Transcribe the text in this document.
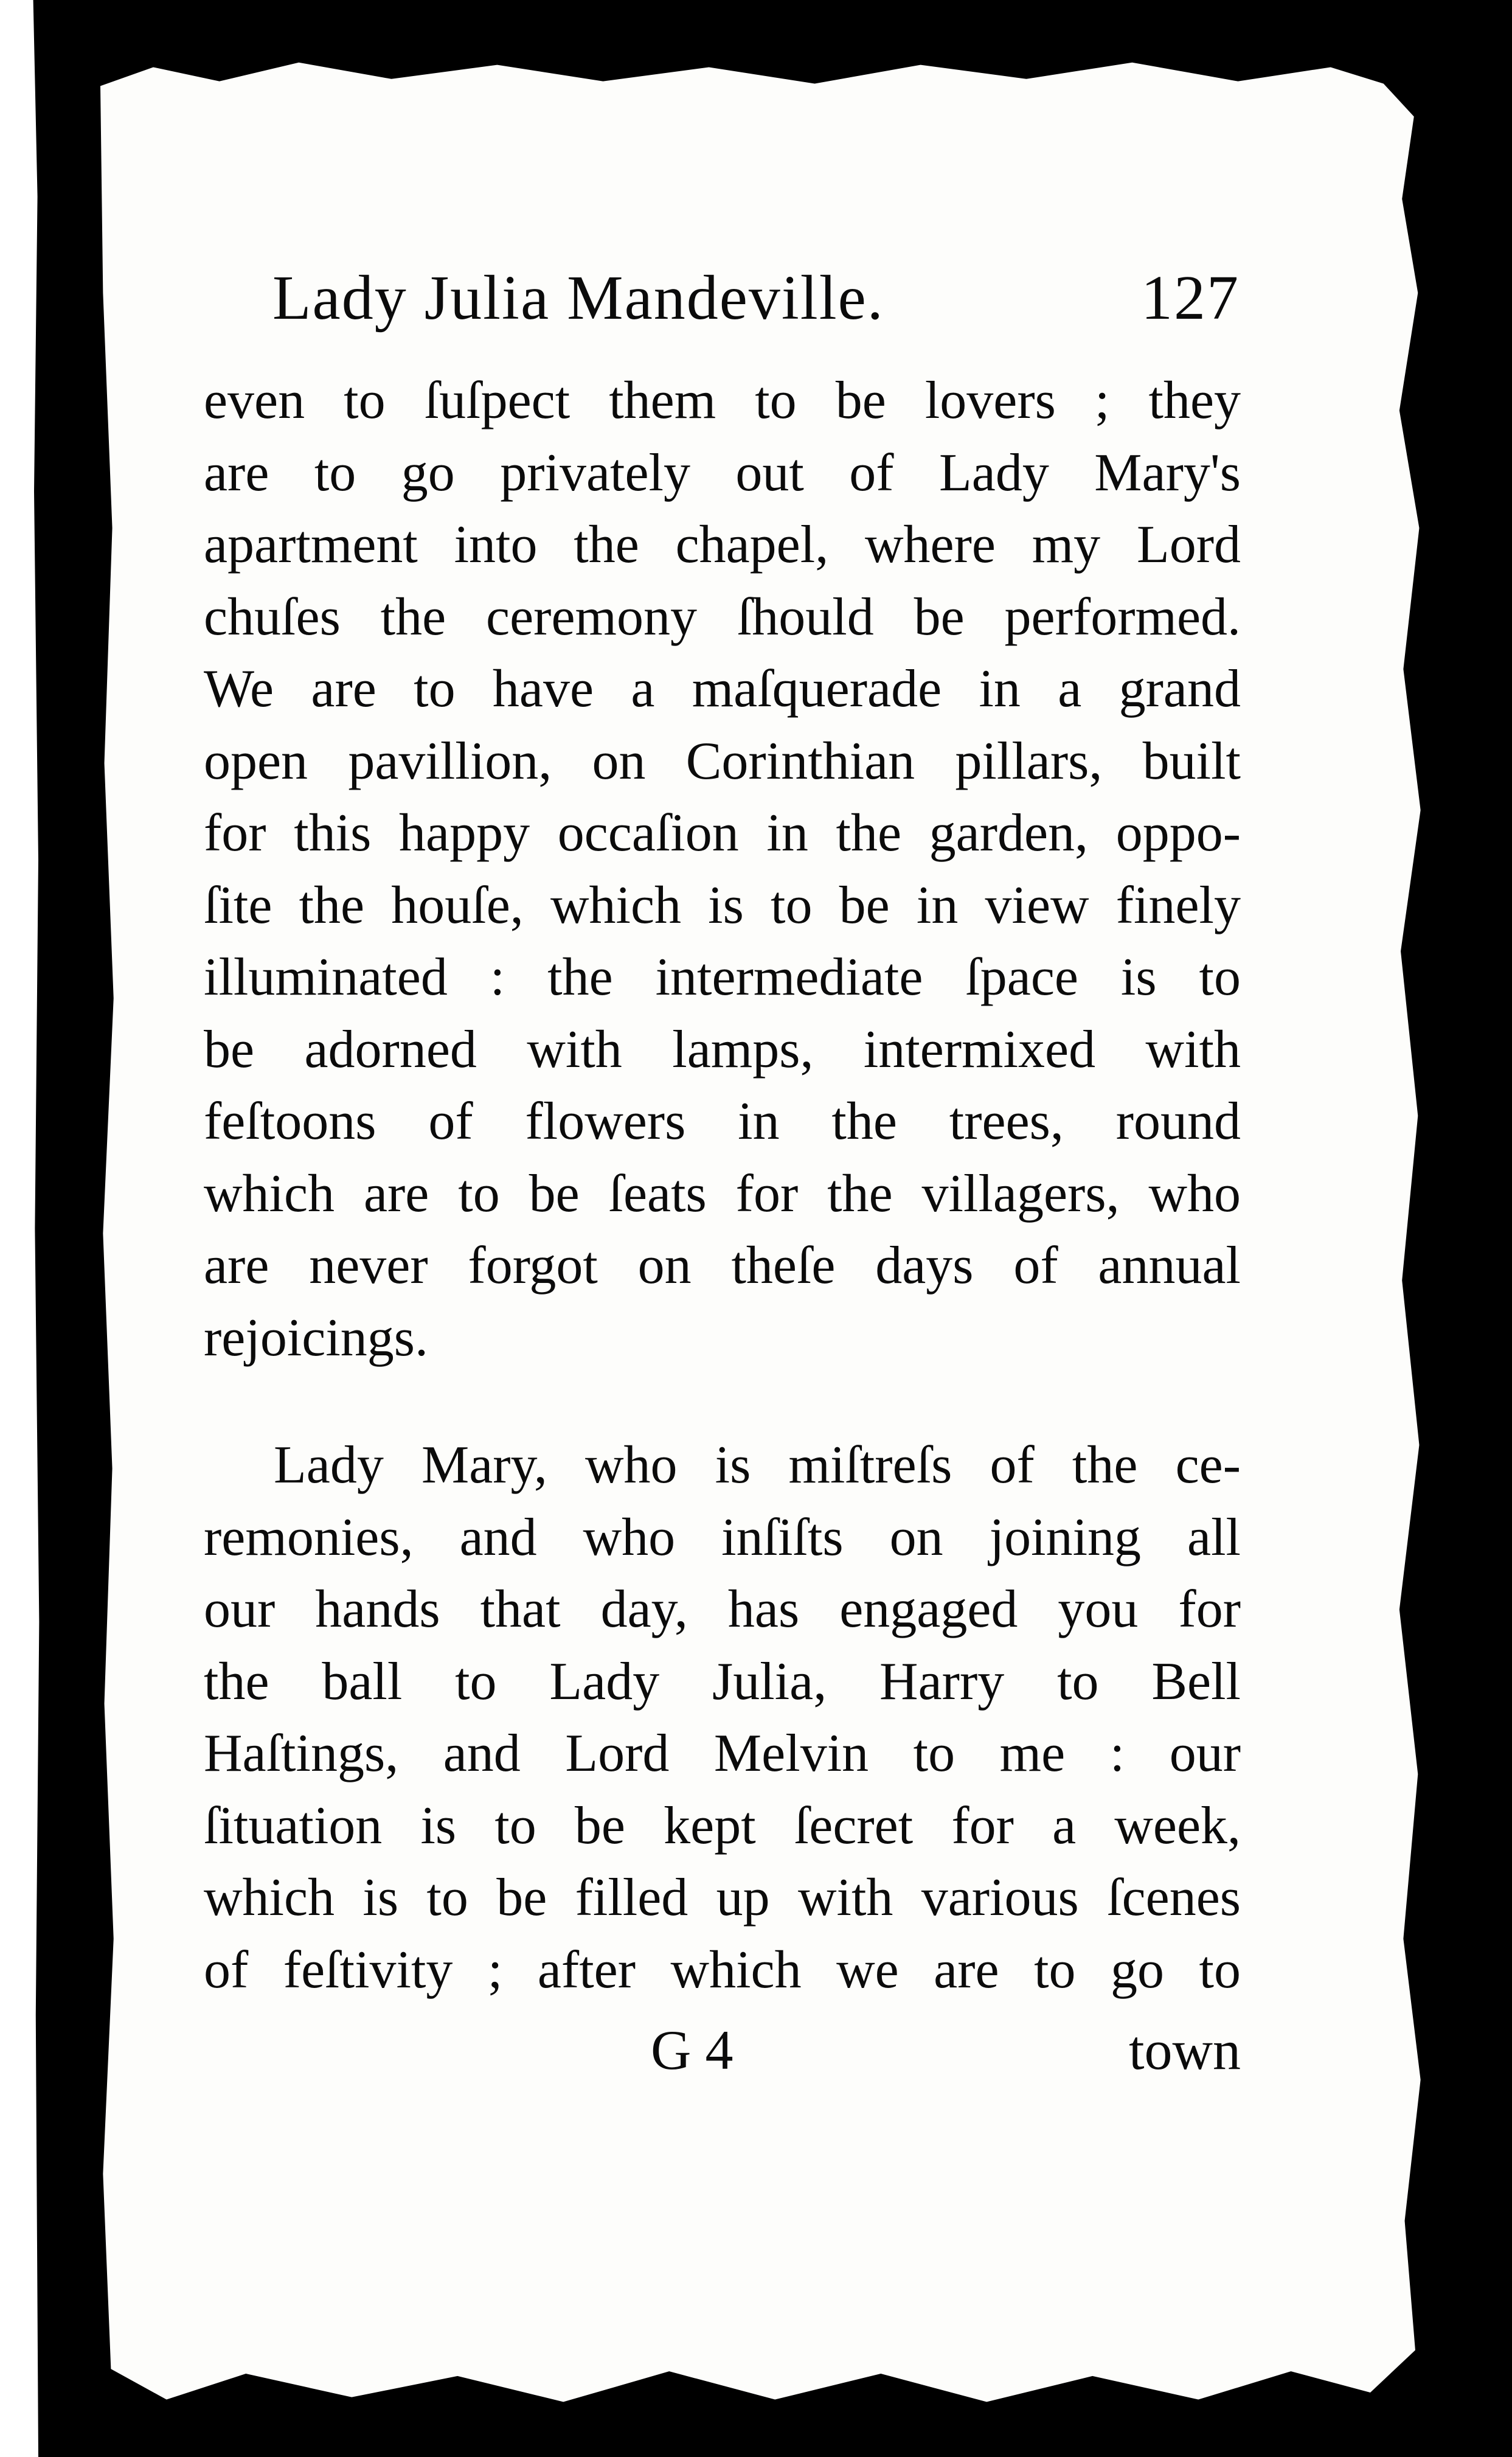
Lady Julia Mandeville.	127
even to ſuſpect them to be lovers ; they
are to go privately out of Lady Mary's
apartment into the chapel, where my Lord
chuſes the ceremony ſhould be performed.
We are to have a maſquerade in a grand
open pavillion, on Corinthian pillars, built
for this happy occaſion in the garden, oppo-
ſite the houſe, which is to be in view finely
illuminated : the intermediate ſpace is to
be adorned with lamps, intermixed with
feſtoons of flowers in the trees, round
which are to be ſeats for the villagers, who
are never forgot on theſe days of annual
rejoicings.
Lady Mary, who is miſtreſs of the ce-
remonies, and who inſiſts on joining all
our hands that day, has engaged you for
the ball to Lady Julia, Harry to Bell
Haſtings, and Lord Melvin to me : our
ſituation is to be kept ſecret for a week,
which is to be filled up with various ſcenes
of feſtivity ; after which we are to go to
G 4	town
